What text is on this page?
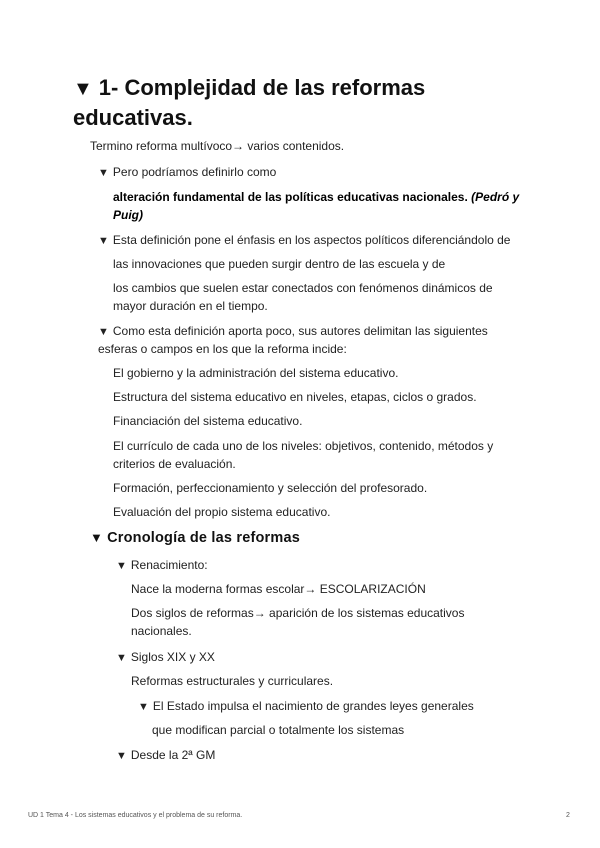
▼ 1- Complejidad de las reformas
educativas.
Termino reforma multívoco→ varios contenidos.
▼ Pero podríamos definirlo como
alteración fundamental de las políticas educativas nacionales. (Pedró y
Puig)
▼ Esta definición pone el énfasis en los aspectos políticos diferenciándolo de
las innovaciones que pueden surgir dentro de las escuela y de
los cambios que suelen estar conectados con fenómenos dinámicos de
mayor duración en el tiempo.
▼ Como esta definición aporta poco, sus autores delimitan las siguientes
esferas o campos en los que la reforma incide:
El gobierno y la administración del sistema educativo.
Estructura del sistema educativo en niveles, etapas, ciclos o grados.
Financiación del sistema educativo.
El currículo de cada uno de los niveles: objetivos, contenido, métodos y
criterios de evaluación.
Formación, perfeccionamiento y selección del profesorado.
Evaluación del propio sistema educativo.
▼ Cronología de las reformas
▼ Renacimiento:
Nace la moderna formas escolar→ ESCOLARIZACIÓN
Dos siglos de reformas→ aparición de los sistemas educativos
nacionales.
▼ Siglos XIX y XX
Reformas estructurales y curriculares.
▼ El Estado impulsa el nacimiento de grandes leyes generales
que modifican parcial o totalmente los sistemas
▼ Desde la 2ª GM
UD 1 Tema 4 - Los sistemas educativos y el problema de su reforma.	2
